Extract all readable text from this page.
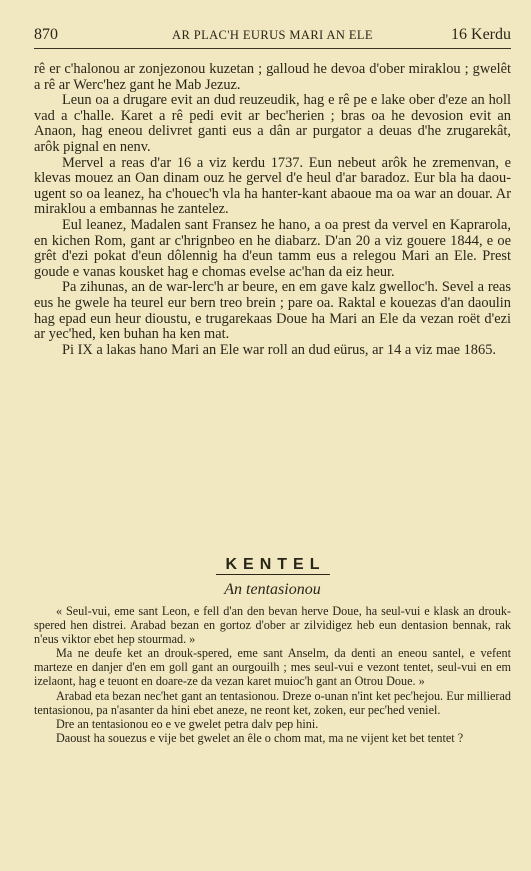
870	AR PLAC'H EURUS MARI AN ELE	16 Kerdu

rê er c'halonou ar zonjezonou kuzetan ; galloud he devoa d'ober miraklou ; gwelêt a rê ar Werc'hez gant he Mab Jezuz.

Leun oa a drugare evit an dud reuzeudik, hag e rê pe e lake ober d'eze an holl vad a c'halle. Karet a rê pedi evit ar bec'herien ; bras oa he devosion evit an Anaon, hag eneou delivret ganti eus a dân ar purgator a deuas d'he zrugarekât, arôk pignal en nenv.

Mervel a reas d'ar 16 a viz kerdu 1737. Eun nebeut arôk he zremenvan, e klevas mouez an Oan dinam ouz he gervel d'e heul d'ar baradoz. Eur bla ha daou-ugent so oa leanez, ha c'houec'h vla ha hanter-kant abaoue ma oa war an douar. Ar miraklou a embannas he zantelez.

Eul leanez, Madalen sant Fransez he hano, a oa prest da vervel en Kaprarola, en kichen Rom, gant ar c'hrignbeo en he diabarz. D'an 20 a viz gouere 1844, e oe grêt d'ezi pokat d'eun dôlennig ha d'eun tamm eus a relegou Mari an Ele. Prest goude e vanas kousket hag e chomas evelse ac'han da eiz heur.

Pa zihunas, an de war-lerc'h ar beure, en em gave kalz gwelloc'h. Sevel a reas eus he gwele ha teurel eur bern treo brein ; pare oa. Raktal e kouezas d'an daoulin hag epad eun heur dioustu, e trugarekaas Doue ha Mari an Ele da vezan roët d'ezi ar yec'hed, ken buhan ha ken mat.

Pi IX a lakas hano Mari an Ele war roll an dud eürus, ar 14 a viz mae 1865.

KENTEL
An tentasionou

« Seul-vui, eme sant Leon, e fell d'an den bevan herve Doue, ha seul-vui e klask an drouk-spered hen distrei. Arabad bezan en gortoz d'ober ar zilvidigez heb eun dentasion bennak, rak n'eus viktor ebet hep stourmad. »

Ma ne deufe ket an drouk-spered, eme sant Anselm, da denti an eneou santel, e vefent marteze en danjer d'en em goll gant an ourgouilh ; mes seul-vui e vezont tentet, seul-vui en em izelaont, hag e teuont en doare-ze da vezan karet muioc'h gant an Otrou Doue. »

Arabad eta bezan nec'het gant an tentasionou. Dreze o-unan n'int ket pec'hejou. Eur millierad tentasionou, pa n'asanter da hini ebet aneze, ne reont ket, zoken, eur pec'hed veniel.

Dre an tentasionou eo e ve gwelet petra dalv pep hini.

Daoust ha souezus e vije bet gwelet an êle o chom mat, ma ne vijent ket bet tentet ?
